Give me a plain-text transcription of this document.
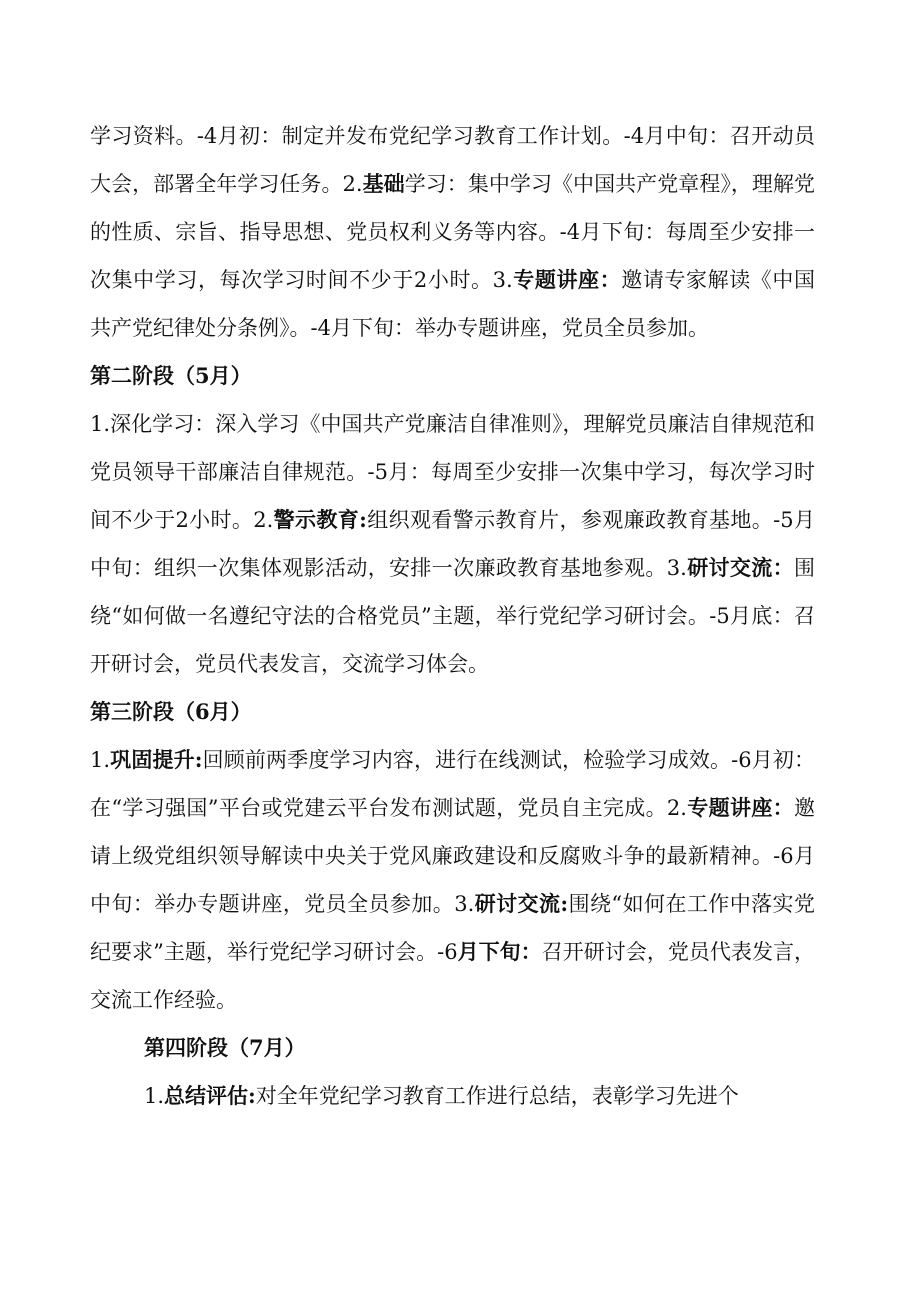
学习资料。-4月初：制定并发布党纪学习教育工作计划。-4月中旬：召开动员大会，部署全年学习任务。2.基础学习：集中学习《中国共产党章程》，理解党的性质、宗旨、指导思想、党员权利义务等内容。-4月下旬：每周至少安排一次集中学习，每次学习时间不少于2小时。3.专题讲座：邀请专家解读《中国共产党纪律处分条例》。-4月下旬：举办专题讲座，党员全员参加。

第二阶段（5月）

1.深化学习：深入学习《中国共产党廉洁自律准则》，理解党员廉洁自律规范和党员领导干部廉洁自律规范。-5月：每周至少安排一次集中学习，每次学习时间不少于2小时。2.警示教育:组织观看警示教育片，参观廉政教育基地。-5月中旬：组织一次集体观影活动，安排一次廉政教育基地参观。3.研讨交流：围绕“如何做一名遵纪守法的合格党员”主题，举行党纪学习研讨会。-5月底：召开研讨会，党员代表发言，交流学习体会。

第三阶段（6月）

1.巩固提升:回顾前两季度学习内容，进行在线测试，检验学习成效。-6月初：在“学习强国”平台或党建云平台发布测试题，党员自主完成。2.专题讲座：邀请上级党组织领导解读中央关于党风廉政建设和反腐败斗争的最新精神。-6月中旬：举办专题讲座，党员全员参加。3.研讨交流:围绕“如何在工作中落实党纪要求”主题，举行党纪学习研讨会。-6月下旬：召开研讨会，党员代表发言，交流工作经验。

第四阶段（7月）

1.总结评估:对全年党纪学习教育工作进行总结，表彰学习先进个
